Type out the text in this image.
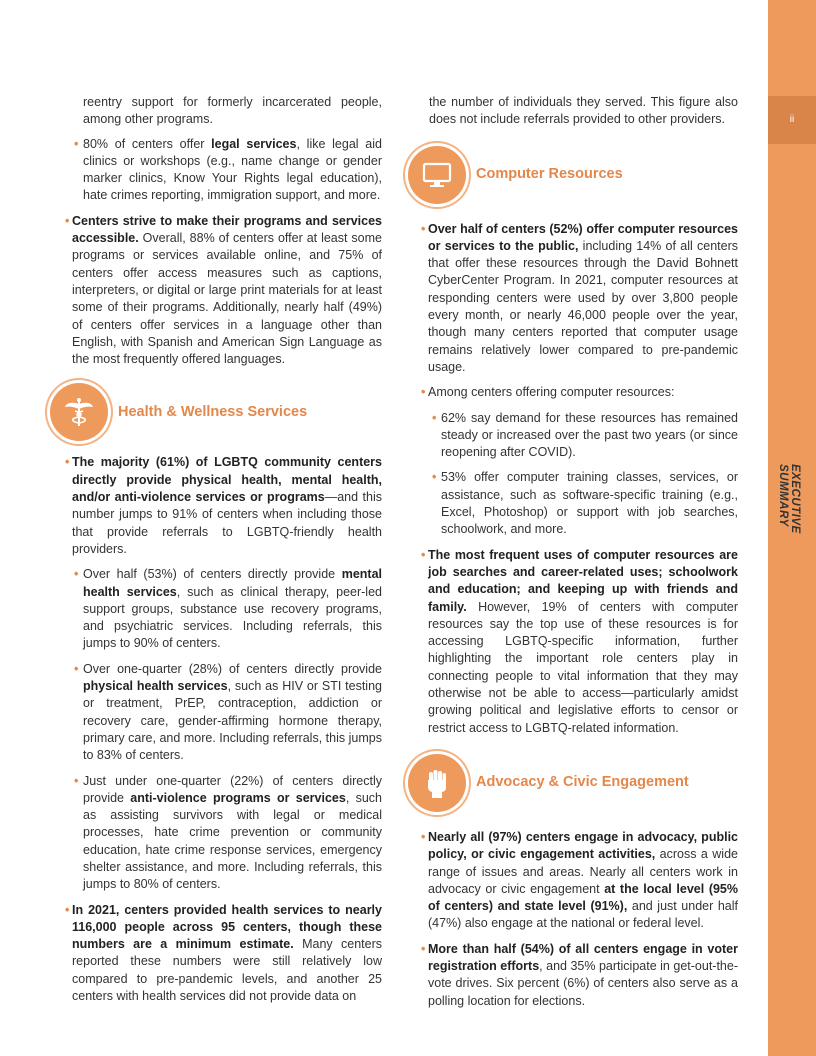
ii
EXECUTIVE SUMMARY

reentry support for formerly incarcerated people, among other programs.

• 80% of centers offer legal services, like legal aid clinics or workshops (e.g., name change or gender marker clinics, Know Your Rights legal education), hate crimes reporting, immigration support, and more.

• Centers strive to make their programs and services accessible. Overall, 88% of centers offer at least some programs or services available online, and 75% of centers offer access measures such as captions, interpreters, or digital or large print materials for at least some of their programs. Additionally, nearly half (49%) of centers offer services in a language other than English, with Spanish and American Sign Language as the most frequently offered languages.

Health & Wellness Services

• The majority (61%) of LGBTQ community centers directly provide physical health, mental health, and/or anti-violence services or programs—and this number jumps to 91% of centers when including those that provide referrals to LGBTQ-friendly health providers.

• Over half (53%) of centers directly provide mental health services, such as clinical therapy, peer-led support groups, substance use recovery programs, and psychiatric services. Including referrals, this jumps to 90% of centers.

• Over one-quarter (28%) of centers directly provide physical health services, such as HIV or STI testing or treatment, PrEP, contraception, addiction or recovery care, gender-affirming hormone therapy, primary care, and more. Including referrals, this jumps to 83% of centers.

• Just under one-quarter (22%) of centers directly provide anti-violence programs or services, such as assisting survivors with legal or medical processes, hate crime prevention or community education, hate crime response services, emergency shelter assistance, and more. Including referrals, this jumps to 80% of centers.

• In 2021, centers provided health services to nearly 116,000 people across 95 centers, though these numbers are a minimum estimate. Many centers reported these numbers were still relatively low compared to pre-pandemic levels, and another 25 centers with health services did not provide data on

the number of individuals they served. This figure also does not include referrals provided to other providers.

Computer Resources

• Over half of centers (52%) offer computer resources or services to the public, including 14% of all centers that offer these resources through the David Bohnett CyberCenter Program. In 2021, computer resources at responding centers were used by over 3,800 people every month, or nearly 46,000 people over the year, though many centers reported that computer usage remains relatively lower compared to pre-pandemic usage.

• Among centers offering computer resources:

• 62% say demand for these resources has remained steady or increased over the past two years (or since reopening after COVID).

• 53% offer computer training classes, services, or assistance, such as software-specific training (e.g., Excel, Photoshop) or support with job searches, schoolwork, and more.

• The most frequent uses of computer resources are job searches and career-related uses; schoolwork and education; and keeping up with friends and family. However, 19% of centers with computer resources say the top use of these resources is for accessing LGBTQ-specific information, further highlighting the important role centers play in connecting people to vital information that they may otherwise not be able to access—particularly amidst growing political and legislative efforts to censor or restrict access to LGBTQ-related information.

Advocacy & Civic Engagement

• Nearly all (97%) centers engage in advocacy, public policy, or civic engagement activities, across a wide range of issues and areas. Nearly all centers work in advocacy or civic engagement at the local level (95% of centers) and state level (91%), and just under half (47%) also engage at the national or federal level.

• More than half (54%) of all centers engage in voter registration efforts, and 35% participate in get-out-the-vote drives. Six percent (6%) of centers also serve as a polling location for elections.
